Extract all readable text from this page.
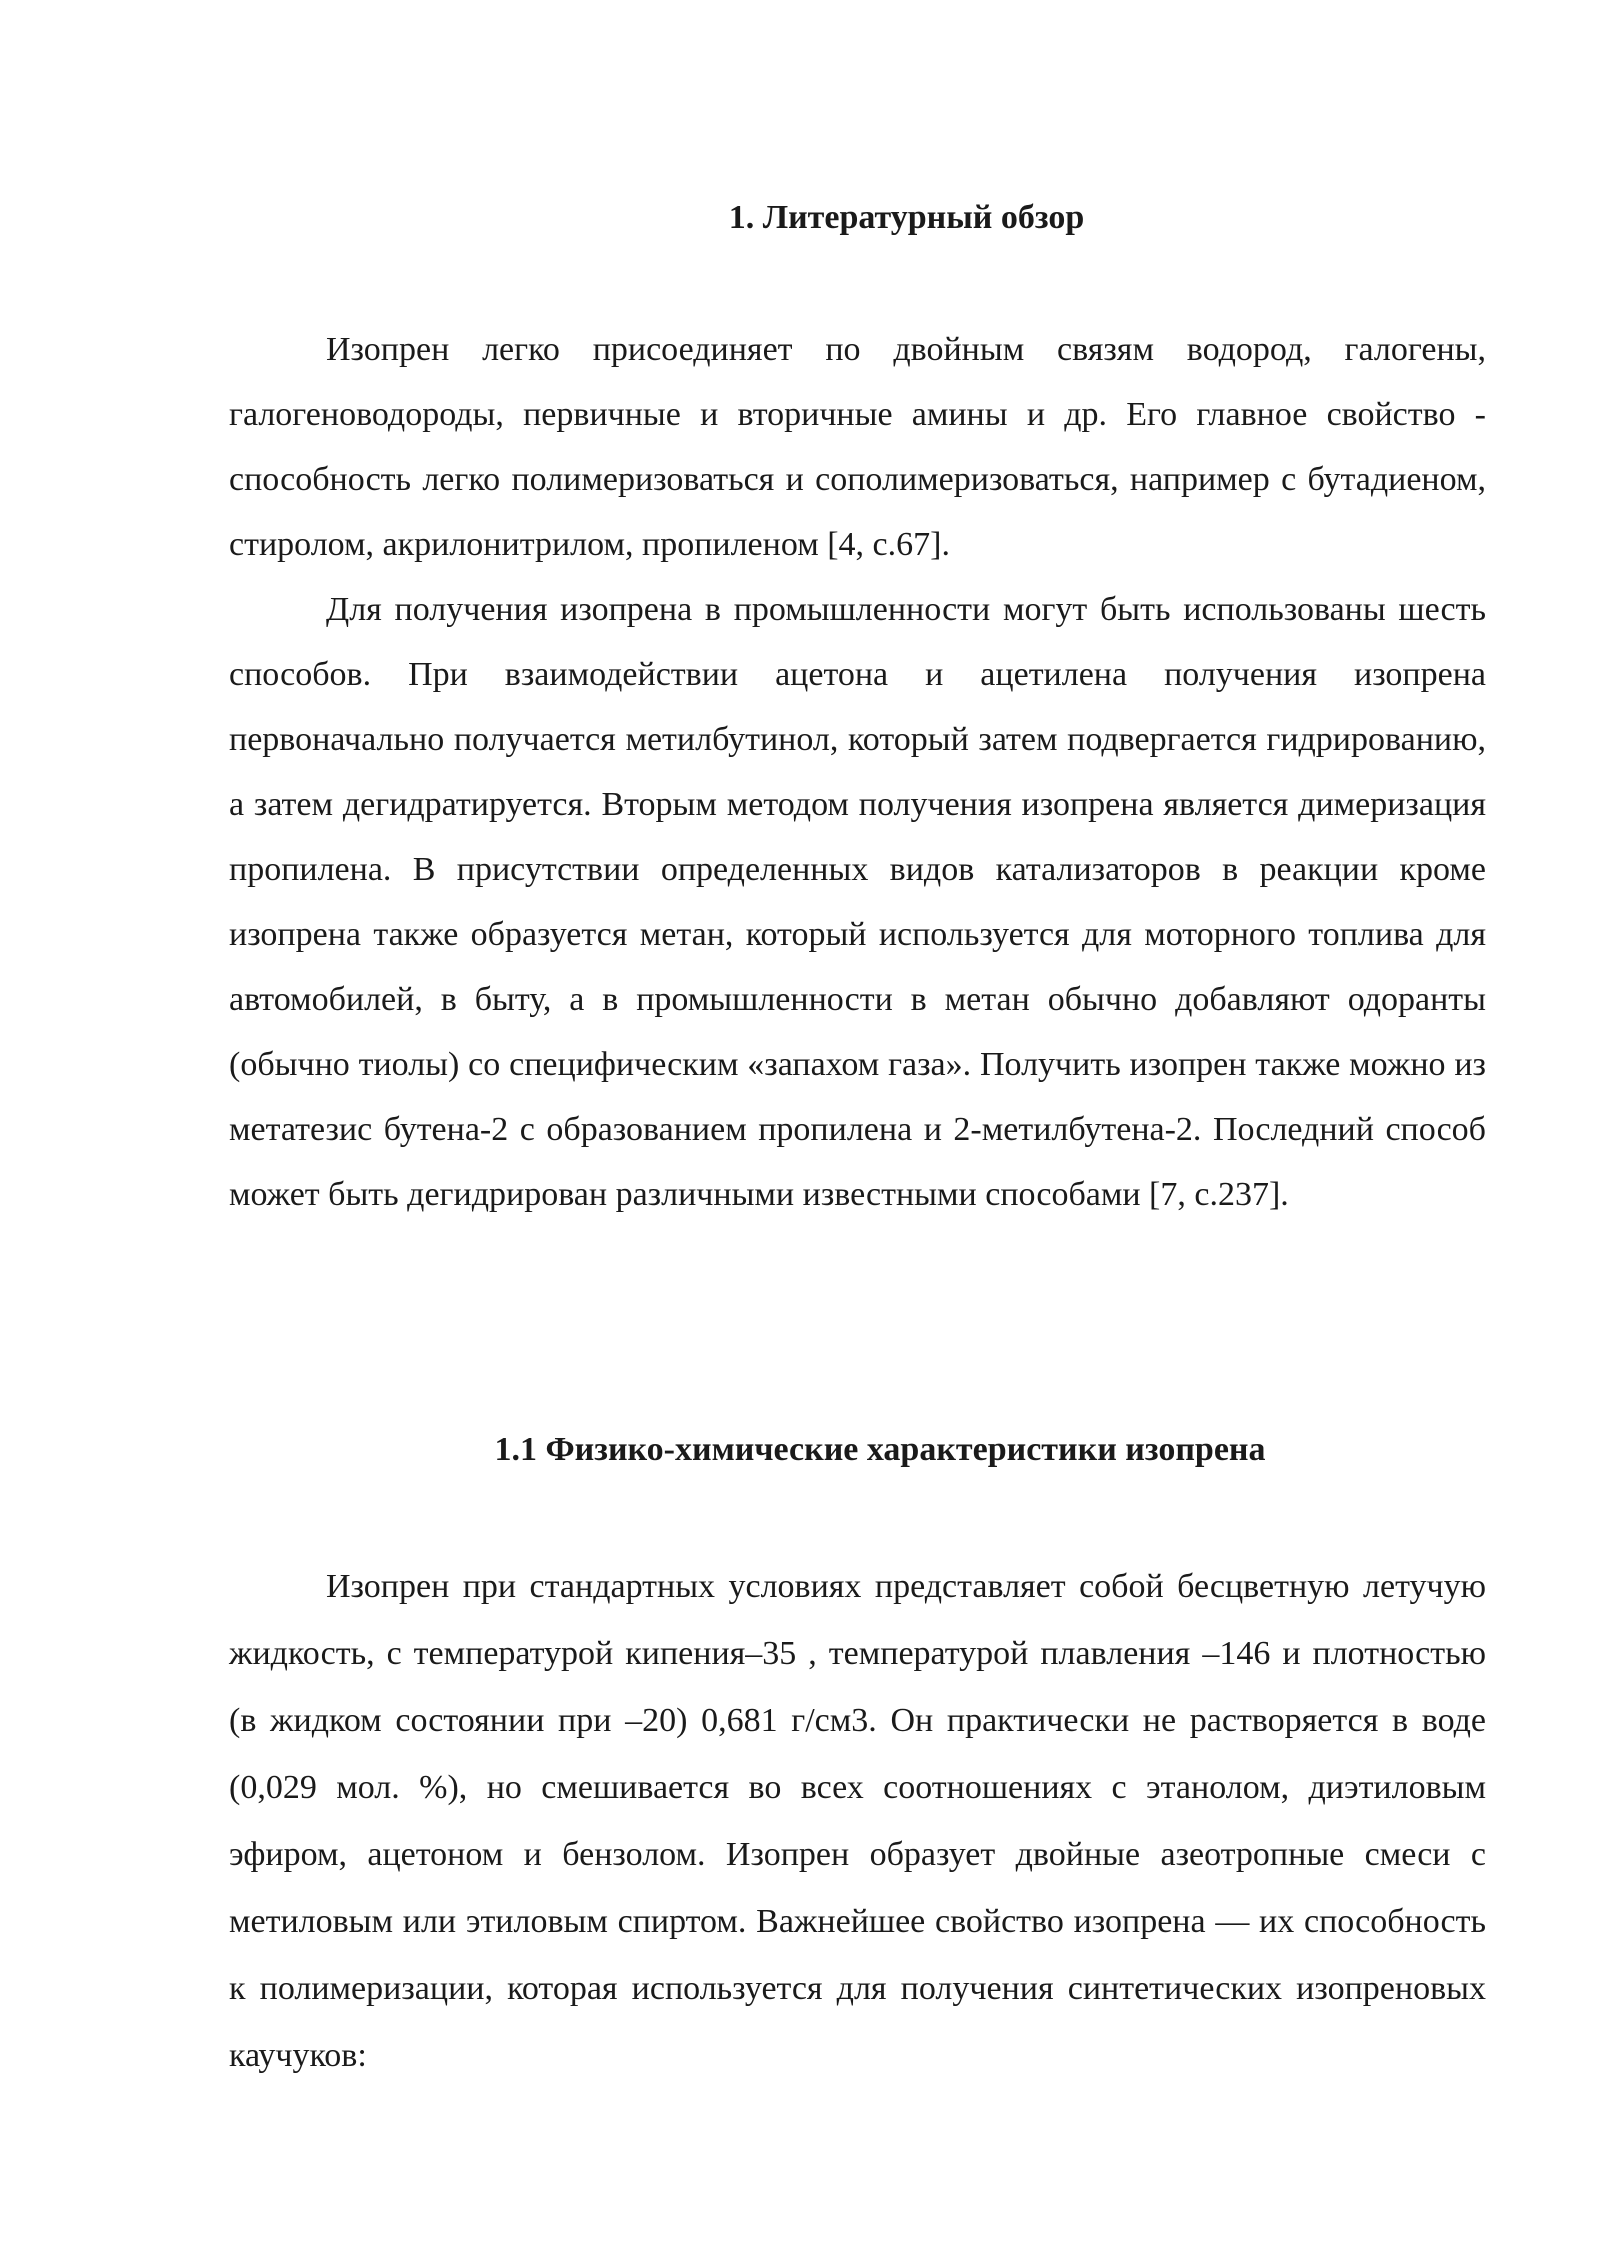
1. Литературный обзор

Изопрен легко присоединяет по двойным связям водород, галогены, галогеноводороды, первичные и вторичные амины и др. Его главное свойство - способность легко полимеризоваться и сополимеризоваться, например с бутадиеном, стиролом, акрилонитрилом, пропиленом [4, с.67].

Для получения изопрена в промышленности могут быть использованы шесть способов. При взаимодействии ацетона и ацетилена получения изопрена первоначально получается метилбутинол, который затем подвергается гидрированию, а затем дегидратируется. Вторым методом получения изопрена является димеризация пропилена. В присутствии определенных видов катализаторов в реакции кроме изопрена также образуется метан, который используется для моторного топлива для автомобилей, в быту, а в промышленности в метан обычно добавляют одоранты (обычно тиолы) со специфическим «запахом газа». Получить изопрен также можно из метатезис бутена-2 с образованием пропилена и 2-метилбутена-2. Последний способ может быть дегидрирован различными известными способами [7, с.237].

1.1 Физико-химические характеристики изопрена

Изопрен при стандартных условиях представляет собой бесцветную летучую жидкость, с температурой кипения–35 , температурой плавления –146 и плотностью (в жидком состоянии при –20) 0,681 г/см3. Он практически не растворяется в воде (0,029 мол. %), но смешивается во всех соотношениях с этанолом, диэтиловым эфиром, ацетоном и бензолом. Изопрен образует двойные азеотропные смеси с метиловым или этиловым спиртом. Важнейшее свойство изопрена — их способность к полимеризации, которая используется для получения синтетических изопреновых каучуков:
